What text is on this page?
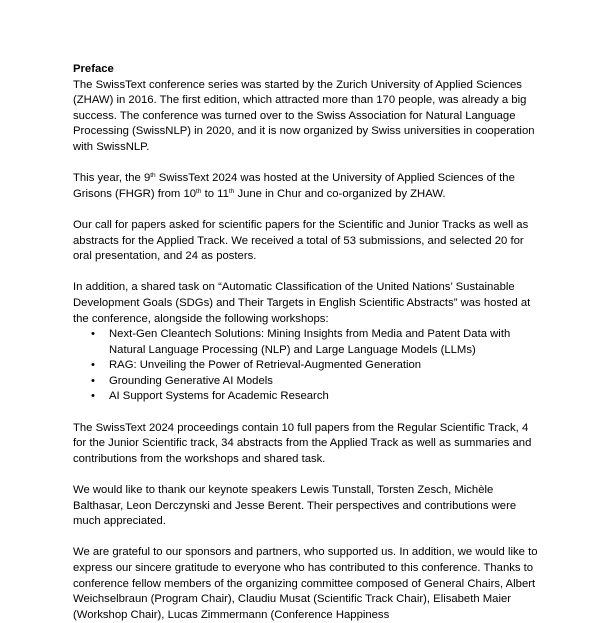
Preface

The SwissText conference series was started by the Zurich University of Applied Sciences (ZHAW) in 2016. The first edition, which attracted more than 170 people, was already a big success. The conference was turned over to the Swiss Association for Natural Language Processing (SwissNLP) in 2020, and it is now organized by Swiss universities in cooperation with SwissNLP.

This year, the 9th SwissText 2024 was hosted at the University of Applied Sciences of the Grisons (FHGR) from 10th to 11th June in Chur and co-organized by ZHAW.

Our call for papers asked for scientific papers for the Scientific and Junior Tracks as well as abstracts for the Applied Track. We received a total of 53 submissions, and selected 20 for oral presentation, and 24 as posters.

In addition, a shared task on “Automatic Classification of the United Nations’ Sustainable Development Goals (SDGs) and Their Targets in English Scientific Abstracts” was hosted at the conference, alongside the following workshops:

• Next-Gen Cleantech Solutions: Mining Insights from Media and Patent Data with Natural Language Processing (NLP) and Large Language Models (LLMs)
• RAG: Unveiling the Power of Retrieval-Augmented Generation
• Grounding Generative AI Models
• AI Support Systems for Academic Research

The SwissText 2024 proceedings contain 10 full papers from the Regular Scientific Track, 4 for the Junior Scientific track, 34 abstracts from the Applied Track as well as summaries and contributions from the workshops and shared task.

We would like to thank our keynote speakers Lewis Tunstall, Torsten Zesch, Michèle Balthasar, Leon Derczynski and Jesse Berent. Their perspectives and contributions were much appreciated.

We are grateful to our sponsors and partners, who supported us. In addition, we would like to express our sincere gratitude to everyone who has contributed to this conference. Thanks to conference fellow members of the organizing committee composed of General Chairs, Albert Weichselbraun (Program Chair), Claudiu Musat (Scientific Track Chair), Elisabeth Maier (Workshop Chair), Lucas Zimmermann (Conference Happiness
